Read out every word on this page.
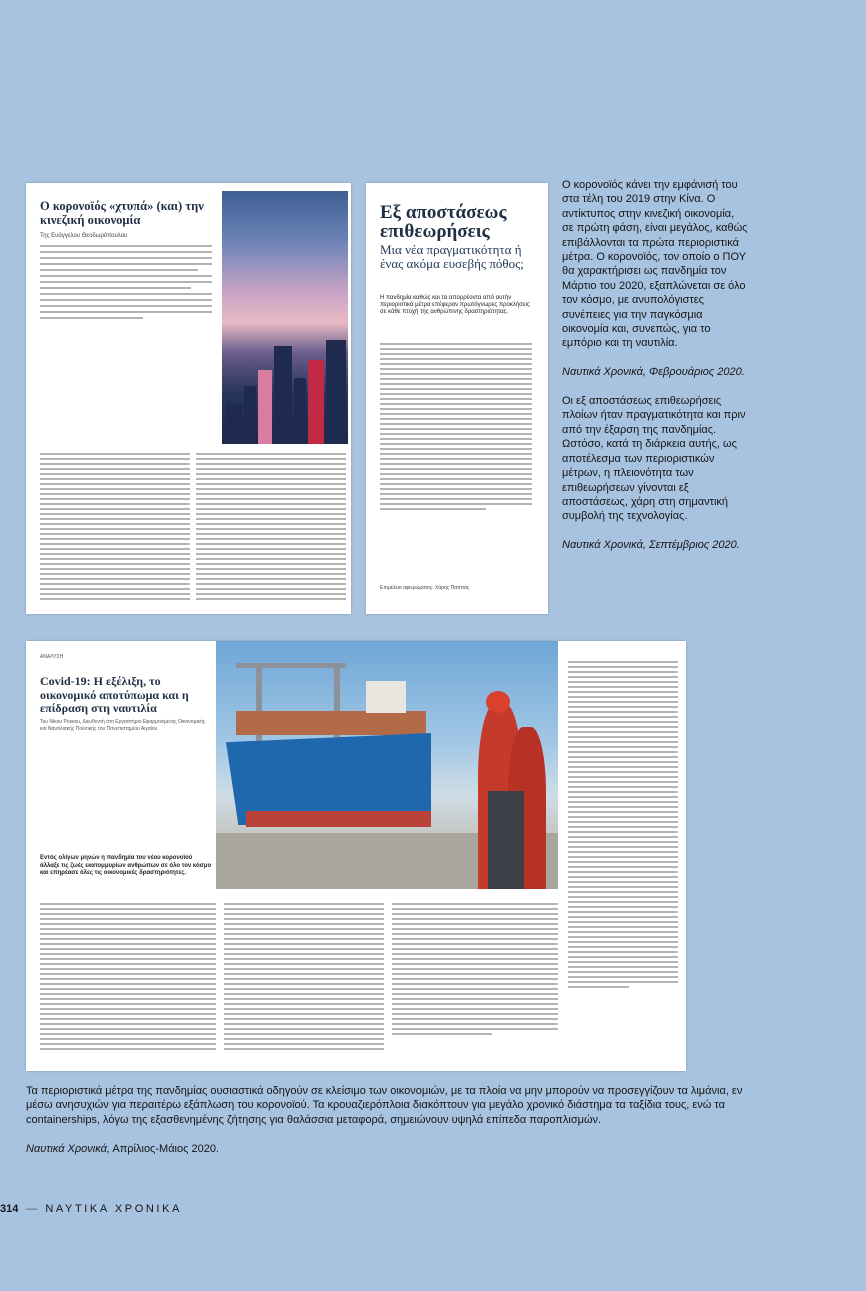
Ο κορονοϊός «χτυπά» (και) την κινεζική οικονομία
Της Ευάγγελου Θεοδωρόπουλου
Εξ αποστάσεως επιθεωρήσεις
Μια νέα πραγματικότητα ή ένας ακόμα ευσεβής πόθος;
Η πανδημία καθώς και τα απορρέοντα από αυτήν περιοριστικά μέτρα επέφεραν πρωτόγνωρες προκλήσεις σε κάθε πτυχή της ανθρώπινης δραστηριότητας.
Επιμέλεια αφιερώματος: Χάρης Παππάς

Ο κορονοϊός κάνει την εμφάνισή του στα τέλη του 2019 στην Κίνα. Ο αντίκτυπος στην κινεζική οικονομία, σε πρώτη φάση, είναι μεγάλος, καθώς επιβάλλονται τα πρώτα περιοριστικά μέτρα. Ο κορονοϊός, τον οποίο ο ΠΟΥ θα χαρακτήρισει ως πανδημία τον Μάρτιο του 2020, εξαπλώνεται σε όλο τον κόσμο, με ανυπολόγιστες συνέπειες για την παγκόσμια οικονομία και, συνεπώς, για το εμπόριο και τη ναυτιλία.

Ναυτικά Χρονικά, Φεβρουάριος 2020.

Οι εξ αποστάσεως επιθεωρήσεις πλοίων ήταν πραγματικότητα και πριν από την έξαρση της πανδημίας. Ωστόσο, κατά τη διάρκεια αυτής, ως αποτέλεσμα των περιοριστικών μέτρων, η πλειονότητα των επιθεωρήσεων γίνονται εξ αποστάσεως, χάρη στη σημαντική συμβολή της τεχνολογίας.

Ναυτικά Χρονικά, Σεπτέμβριος 2020.

ΑΝΑΛΥΣΗ
Covid-19: Η εξέλιξη, το οικονομικό αποτύπωμα και η επίδραση στη ναυτιλία
Του Νίκου Ρόκκου, Διευθυντή στο Εργαστήριο Εφαρμοσμένης Οικονομικής και Ναυτιλιακής Πολιτικής του Πανεπιστημίου Αιγαίου
Εντός ολίγων μηνών η πανδημία του νέου κορονοϊού άλλαξε τις ζωές εκατομμυρίων ανθρώπων σε όλο τον κόσμο και επηρέασε όλες τις οικονομικές δραστηριότητες.

Τα περιοριστικά μέτρα της πανδημίας ουσιαστικά οδηγούν σε κλείσιμο των οικονομιών, με τα πλοία να μην μπορούν να προσεγγίζουν τα λιμάνια, εν μέσω ανησυχιών για περαιτέρω εξάπλωση του κορονοϊού. Τα κρουαζιερόπλοια διακόπτουν για μεγάλο χρονικό διάστημα τα ταξίδια τους, ενώ τα containerships, λόγω της εξασθενημένης ζήτησης για θαλάσσια μεταφορά, σημειώνουν υψηλά επίπεδα παροπλισμών.

Ναυτικά Χρονικά, Απρίλιος-Μάιος 2020.

314 — ΝΑΥΤΙΚΑ ΧΡΟΝΙΚΑ
